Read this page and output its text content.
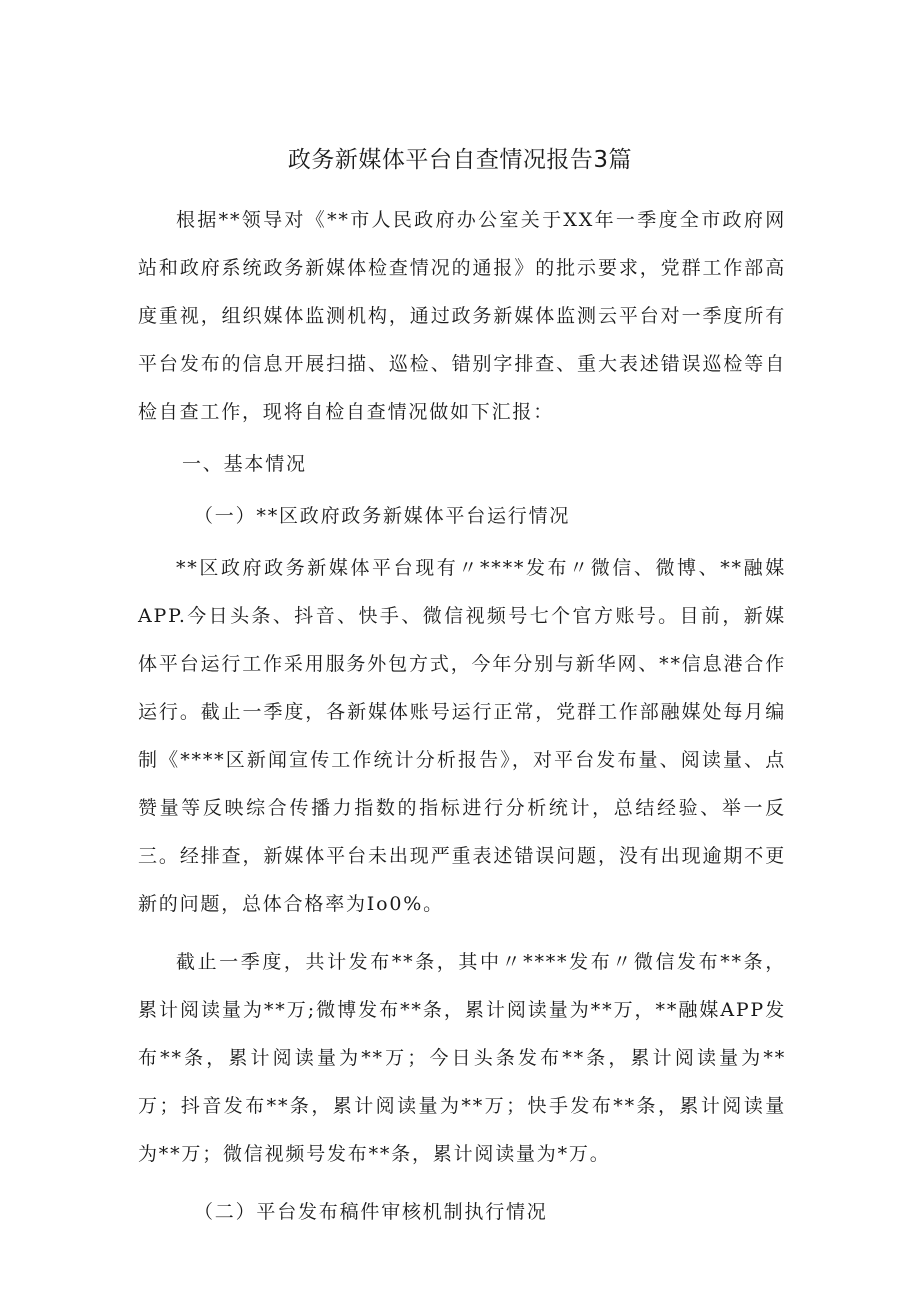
政务新媒体平台自查情况报告3篇

根据**领导对《**市人民政府办公室关于XX年一季度全市政府网站和政府系统政务新媒体检查情况的通报》的批示要求，党群工作部高度重视，组织媒体监测机构，通过政务新媒体监测云平台对一季度所有平台发布的信息开展扫描、巡检、错别字排查、重大表述错误巡检等自检自查工作，现将自检自查情况做如下汇报：

一、基本情况

（一）**区政府政务新媒体平台运行情况

**区政府政务新媒体平台现有〃****发布〃微信、微博、**融媒APP.今日头条、抖音、快手、微信视频号七个官方账号。目前，新媒体平台运行工作采用服务外包方式，今年分别与新华网、**信息港合作运行。截止一季度，各新媒体账号运行正常，党群工作部融媒处每月编制《****区新闻宣传工作统计分析报告》，对平台发布量、阅读量、点赞量等反映综合传播力指数的指标进行分析统计，总结经验、举一反三。经排查，新媒体平台未出现严重表述错误问题，没有出现逾期不更新的问题，总体合格率为Io0%。

截止一季度，共计发布**条，其中〃****发布〃微信发布**条，累计阅读量为**万;微博发布**条，累计阅读量为**万，**融媒APP发布**条，累计阅读量为**万；今日头条发布**条，累计阅读量为**万；抖音发布**条，累计阅读量为**万；快手发布**条，累计阅读量为**万；微信视频号发布**条，累计阅读量为*万。

（二）平台发布稿件审核机制执行情况
